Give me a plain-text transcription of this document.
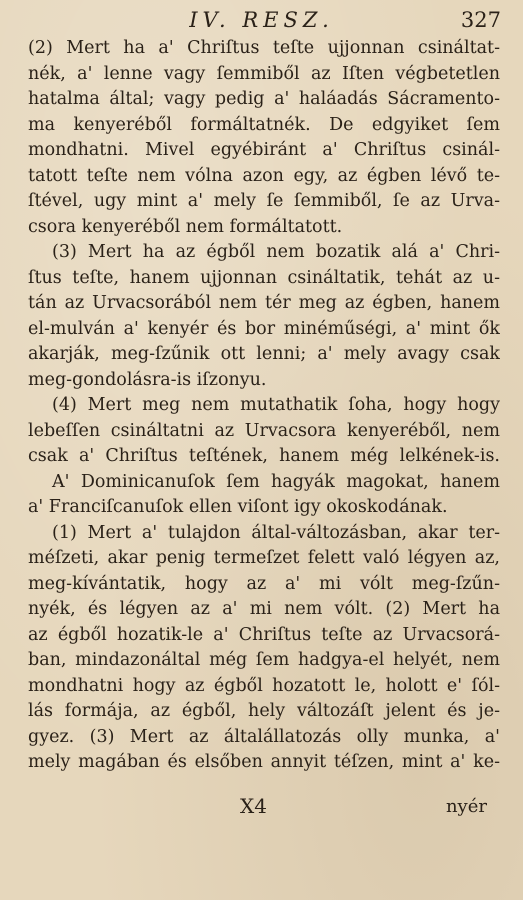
IV. RESZ.	327
(2) Mert ha a' Chriſtus teſte ujjonnan csináltat-
nék, a' lenne vagy ſemmiből az Iſten végbetetlen
hatalma által; vagy pedig a' haláadás Sácramento-
ma kenyeréből formáltatnék. De edgyiket ſem
mondhatni. Mivel egyébiránt a' Chriſtus csinál-
tatott teſte nem vólna azon egy, az égben lévő te-
ſtével, ugy mint a' mely ſe ſemmiből, ſe az Urva-
csora kenyeréből nem formáltatott.
(3) Mert ha az égből nem bozatik alá a' Chri-
ſtus teſte, hanem ujjonnan csináltatik, tehát az u-
tán az Urvacsorából nem tér meg az égben, hanem
el-mulván a' kenyér és bor minéműségi, a' mint ők
akarják, meg-ſzűnik ott lenni; a' mely avagy csak
meg-gondolásra-is iſzonyu.
(4) Mert meg nem mutathatik ſoha, hogy hogy
lebeſſen csináltatni az Urvacsora kenyeréből, nem
csak a' Chriſtus teſtének, hanem még lelkének-is.
A' Dominicanuſok ſem hagyák magokat, hanem
a' Franciſcanuſok ellen viſont igy okoskodának.
(1) Mert a' tulajdon által-változásban, akar ter-
méſzeti, akar penig termeſzet felett való légyen az,
meg-kívántatik, hogy az a' mi vólt meg-ſzűn-
nyék, és légyen az a' mi nem vólt. (2) Mert ha
az égből hozatik-le a' Chriſtus teſte az Urvacsorá-
ban, mindazonáltal még ſem hadgya-el helyét, nem
mondhatni hogy az égből hozatott le, holott e' ſól-
lás formája, az égből, hely változáſt jelent és je-
gyez. (3) Mert az általállatozás olly munka, a'
mely magában és elsőben annyit téſzen, mint a' ke-
X4	nyér
